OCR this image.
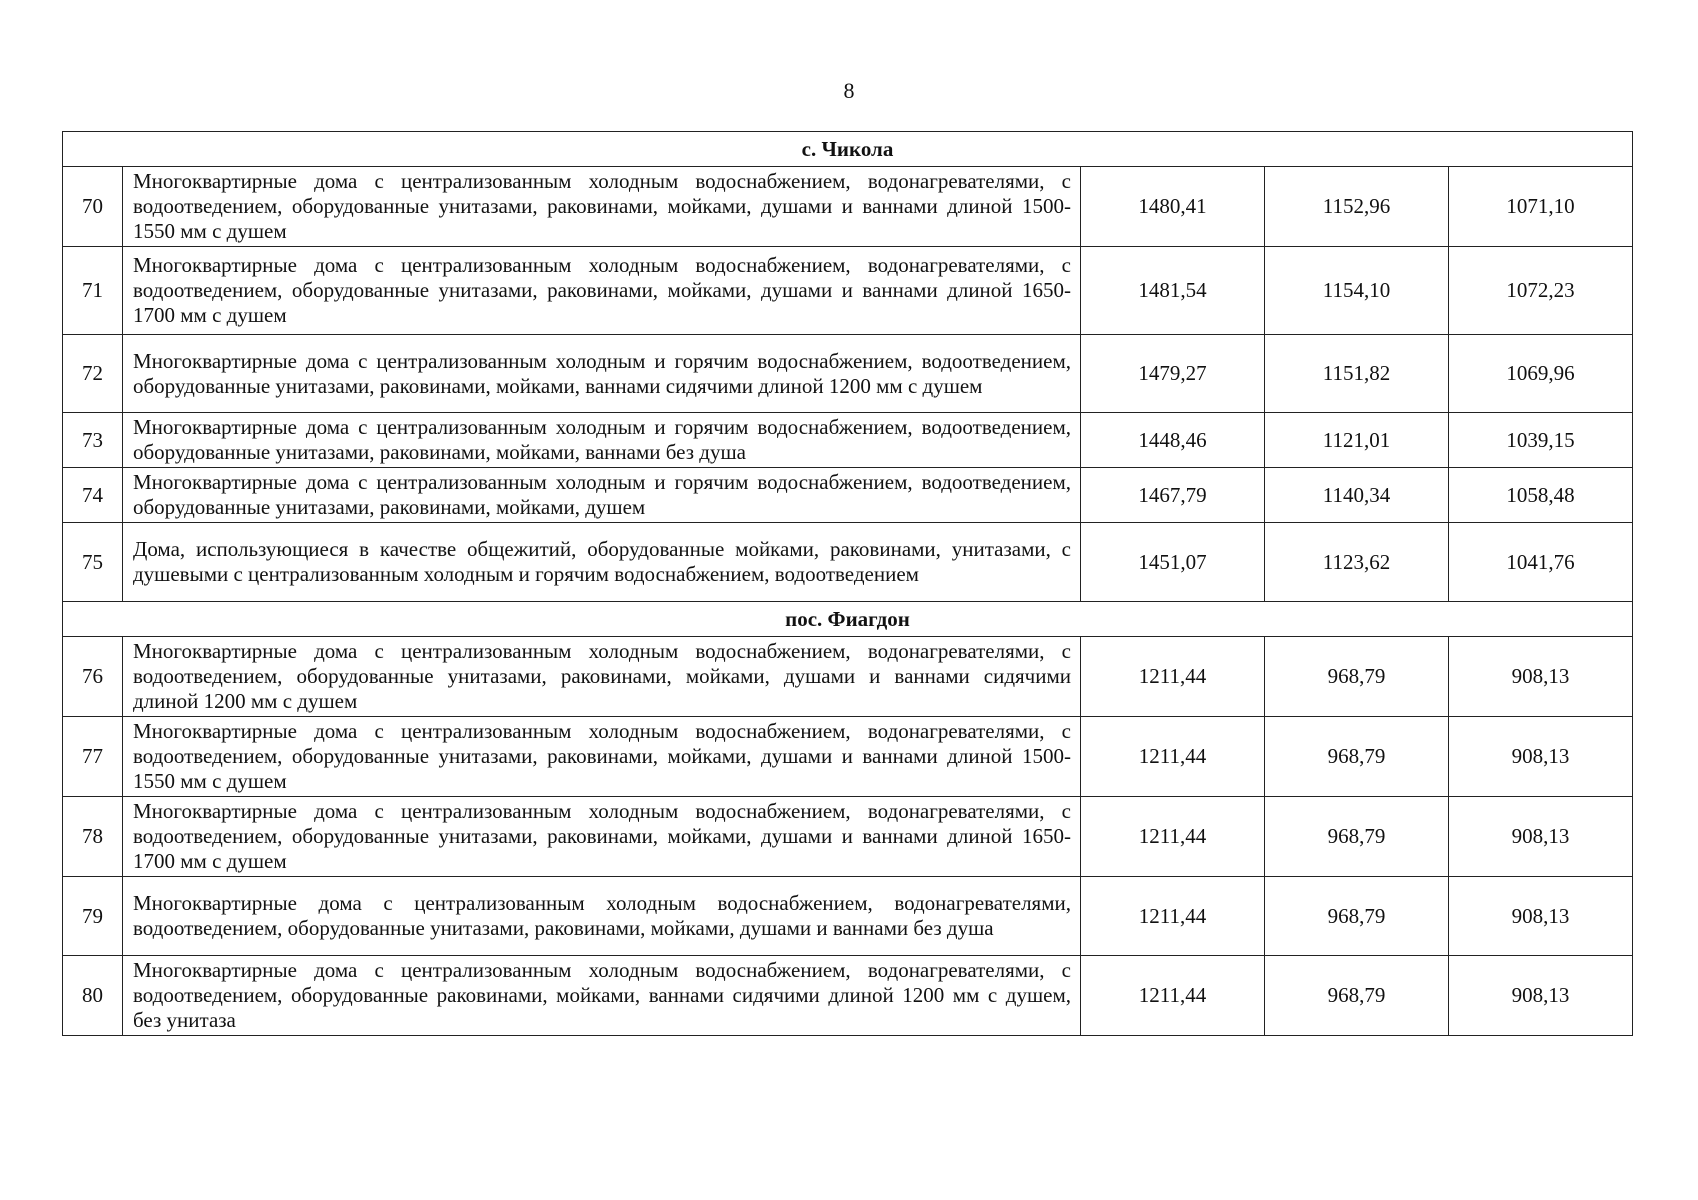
8
с. Чикола				
70	Многоквартирные дома с централизованным холодным водоснабжением, водонагревателями, с водоотведением, оборудованные унитазами, раковинами, мойками, душами и ваннами длиной 1500-1550 мм с душем	1480,41	1152,96	1071,10
71	Многоквартирные дома с централизованным холодным водоснабжением, водонагревателями, с водоотведением, оборудованные унитазами, раковинами, мойками, душами и ваннами длиной 1650-1700 мм с душем	1481,54	1154,10	1072,23
72	Многоквартирные дома с централизованным холодным и горячим водоснабжением, водоотведением, оборудованные унитазами, раковинами, мойками, ваннами сидячими длиной 1200 мм с душем	1479,27	1151,82	1069,96
73	Многоквартирные дома с централизованным холодным и горячим водоснабжением, водоотведением, оборудованные унитазами, раковинами, мойками, ваннами без душа	1448,46	1121,01	1039,15
74	Многоквартирные дома с централизованным холодным и горячим водоснабжением, водоотведением, оборудованные унитазами, раковинами, мойками, душем	1467,79	1140,34	1058,48
75	Дома, использующиеся в качестве общежитий, оборудованные мойками, раковинами, унитазами, с душевыми с централизованным холодным и горячим водоснабжением, водоотведением	1451,07	1123,62	1041,76
пос. Фиагдон				
76	Многоквартирные дома с централизованным холодным водоснабжением, водонагревателями, с водоотведением, оборудованные унитазами, раковинами, мойками, душами и ваннами сидячими длиной 1200 мм с душем	1211,44	968,79	908,13
77	Многоквартирные дома с централизованным холодным водоснабжением, водонагревателями, с водоотведением, оборудованные унитазами, раковинами, мойками, душами и ваннами длиной 1500-1550 мм с душем	1211,44	968,79	908,13
78	Многоквартирные дома с централизованным холодным водоснабжением, водонагревателями, с водоотведением, оборудованные унитазами, раковинами, мойками, душами и ваннами длиной 1650-1700 мм с душем	1211,44	968,79	908,13
79	Многоквартирные дома с централизованным холодным водоснабжением, водонагревателями, водоотведением, оборудованные унитазами, раковинами, мойками, душами и ваннами без душа	1211,44	968,79	908,13
80	Многоквартирные дома с централизованным холодным водоснабжением, водонагревателями, с водоотведением, оборудованные раковинами, мойками, ваннами сидячими длиной 1200 мм с душем, без унитаза	1211,44	968,79	908,13
